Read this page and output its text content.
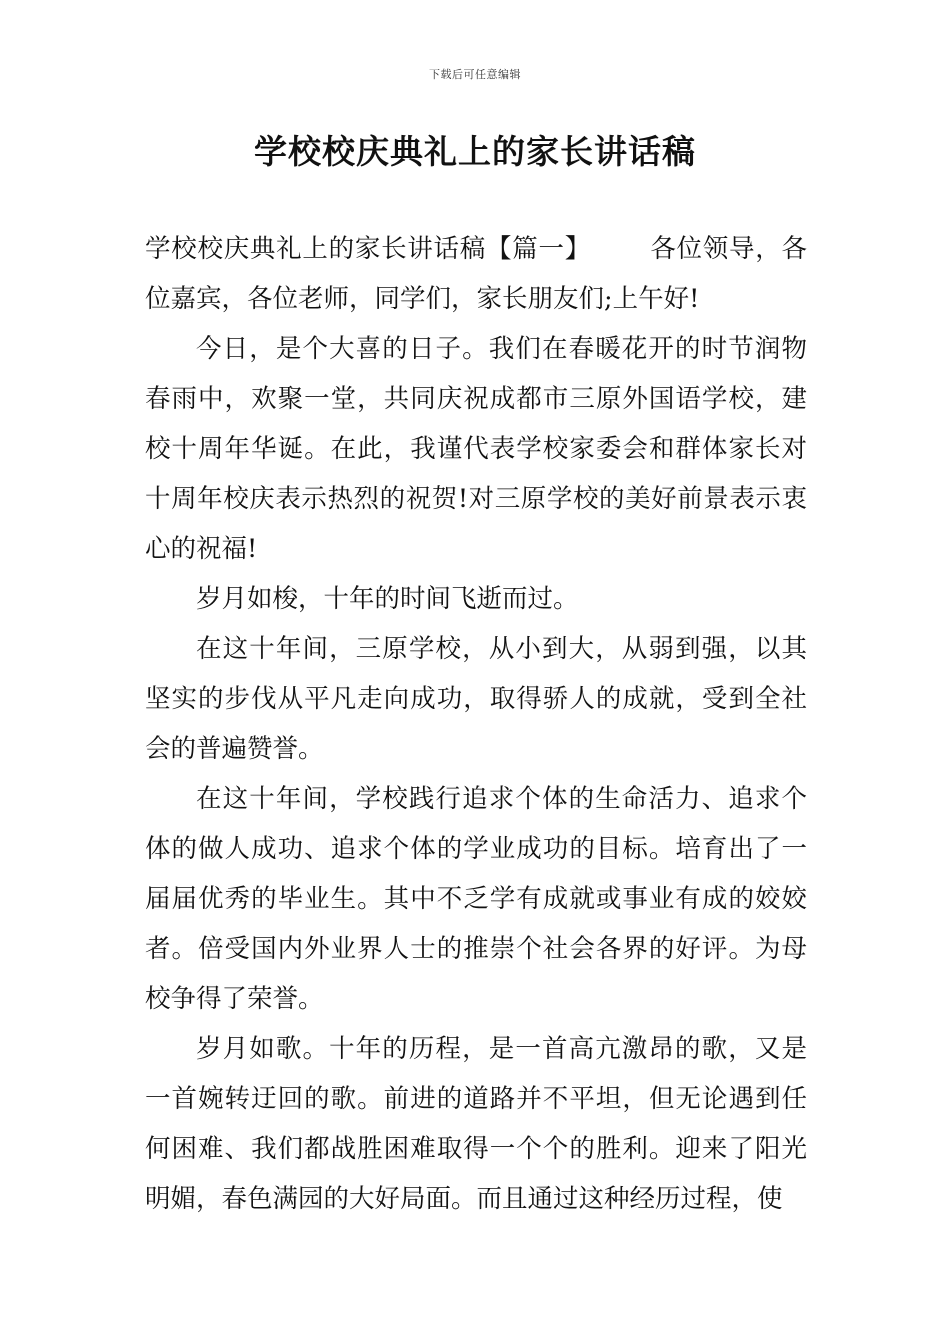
下载后可任意编辑
学校校庆典礼上的家长讲话稿

学校校庆典礼上的家长讲话稿【篇一】 各位领导，各位嘉宾，各位老师，同学们，家长朋友们;上午好!

今日，是个大喜的日子。我们在春暖花开的时节润物春雨中，欢聚一堂，共同庆祝成都市三原外国语学校，建校十周年华诞。在此，我谨代表学校家委会和群体家长对十周年校庆表示热烈的祝贺!对三原学校的美好前景表示衷心的祝福!

岁月如梭，十年的时间飞逝而过。

在这十年间，三原学校，从小到大，从弱到强，以其坚实的步伐从平凡走向成功，取得骄人的成就，受到全社会的普遍赞誉。

在这十年间，学校践行追求个体的生命活力、追求个体的做人成功、追求个体的学业成功的目标。培育出了一届届优秀的毕业生。其中不乏学有成就或事业有成的姣姣者。倍受国内外业界人士的推崇个社会各界的好评。为母校争得了荣誉。

岁月如歌。十年的历程，是一首高亢激昂的歌，又是一首婉转迂回的歌。前进的道路并不平坦，但无论遇到任何困难、我们都战胜困难取得一个个的胜利。迎来了阳光明媚，春色满园的大好局面。而且通过这种经历过程，使
